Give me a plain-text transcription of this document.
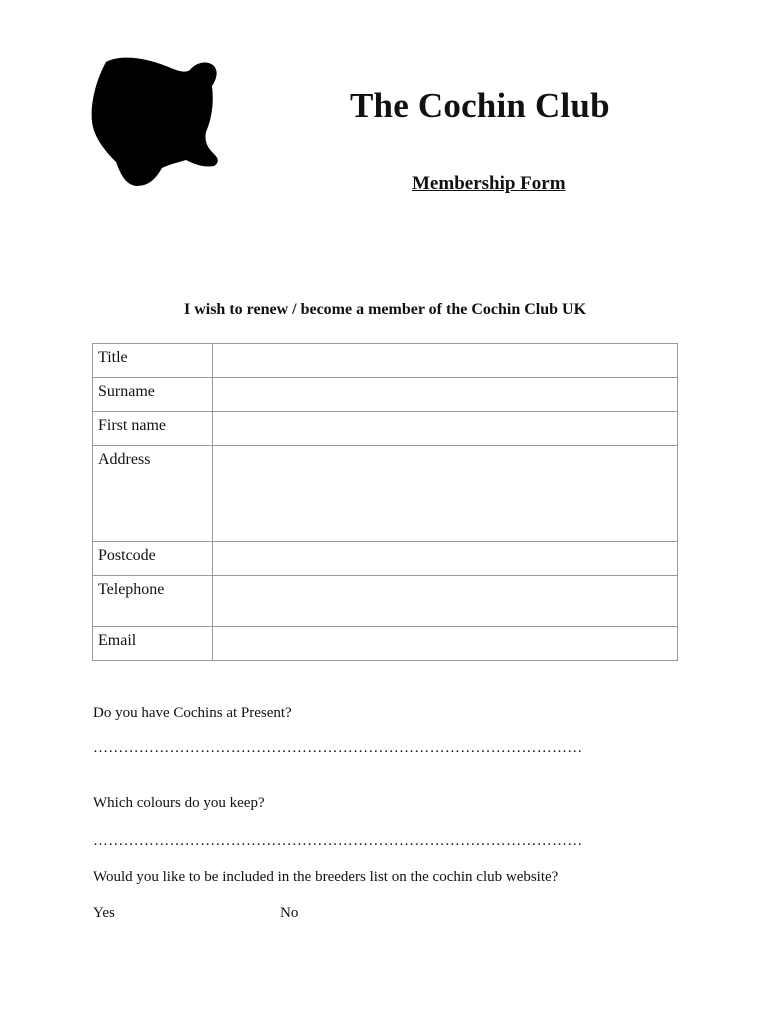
The Cochin Club
Membership Form
I wish to renew / become a member of the Cochin Club UK
Title	
Surname	
First name	
Address	
Postcode	
Telephone	
Email	
Do you have Cochins at Present?
……………………………………………………………………………………
Which colours do you keep?
……………………………………………………………………………………
Would you like to be included in the breeders list on the cochin club website?
Yes	No
